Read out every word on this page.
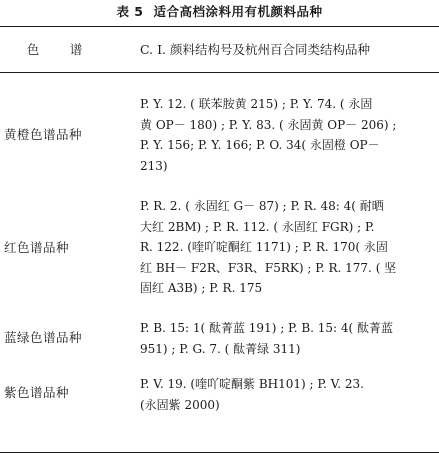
表 5 适合高档涂料用有机颜料品种
色　谱	C. I. 颜料结构号及杭州百合同类结构品种
黄橙色谱品种
P. Y. 12. ( 联苯胺黄 215) ; P. Y. 74. ( 永固
黄 OP－ 180) ; P. Y. 83. ( 永固黄 OP－ 206) ;
P. Y. 156; P. Y. 166; P. O. 34( 永固橙 OP－
213)
红色谱品种
P. R. 2. ( 永固红 G－ 87) ; P. R. 48: 4( 耐晒
大红 2BM) ; P. R. 112. ( 永固红 FGR) ; P.
R. 122. (喹吖啶酮红 1171) ; P. R. 170( 永固
红 BH－ F2R、F3R、F5RK) ; P. R. 177. ( 坚
固红 A3B) ; P. R. 175
蓝绿色谱品种
P. B. 15: 1( 酞菁蓝 191) ; P. B. 15: 4( 酞菁蓝
951) ; P. G. 7. ( 酞菁绿 311)
紫色谱品种
P. V. 19. (喹吖啶酮紫 BH101) ; P. V. 23.
(永固紫 2000)
